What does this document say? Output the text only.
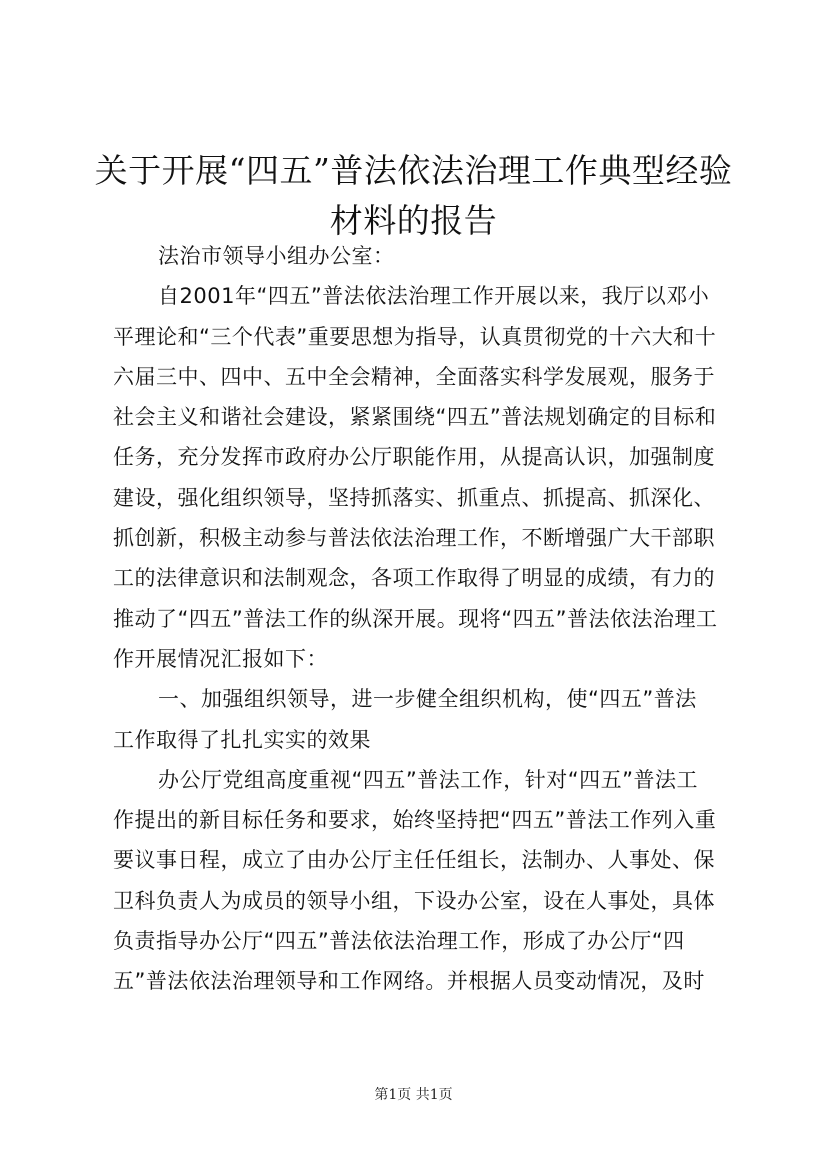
关于开展“四五”普法依法治理工作典型经验
材料的报告

法治市领导小组办公室：

自2001年“四五”普法依法治理工作开展以来，我厅以邓小平理论和“三个代表”重要思想为指导，认真贯彻党的十六大和十六届三中、四中、五中全会精神，全面落实科学发展观，服务于社会主义和谐社会建设，紧紧围绕“四五”普法规划确定的目标和任务，充分发挥市政府办公厅职能作用，从提高认识，加强制度建设，强化组织领导，坚持抓落实、抓重点、抓提高、抓深化、抓创新，积极主动参与普法依法治理工作，不断增强广大干部职工的法律意识和法制观念，各项工作取得了明显的成绩，有力的推动了“四五”普法工作的纵深开展。现将“四五”普法依法治理工作开展情况汇报如下：

一、加强组织领导，进一步健全组织机构，使“四五”普法工作取得了扎扎实实的效果

办公厅党组高度重视“四五”普法工作，针对“四五”普法工作提出的新目标任务和要求，始终坚持把“四五”普法工作列入重要议事日程，成立了由办公厅主任任组长，法制办、人事处、保卫科负责人为成员的领导小组，下设办公室，设在人事处，具体负责指导办公厅“四五”普法依法治理工作，形成了办公厅“四五”普法依法治理领导和工作网络。并根据人员变动情况，及时

第1页 共1页
